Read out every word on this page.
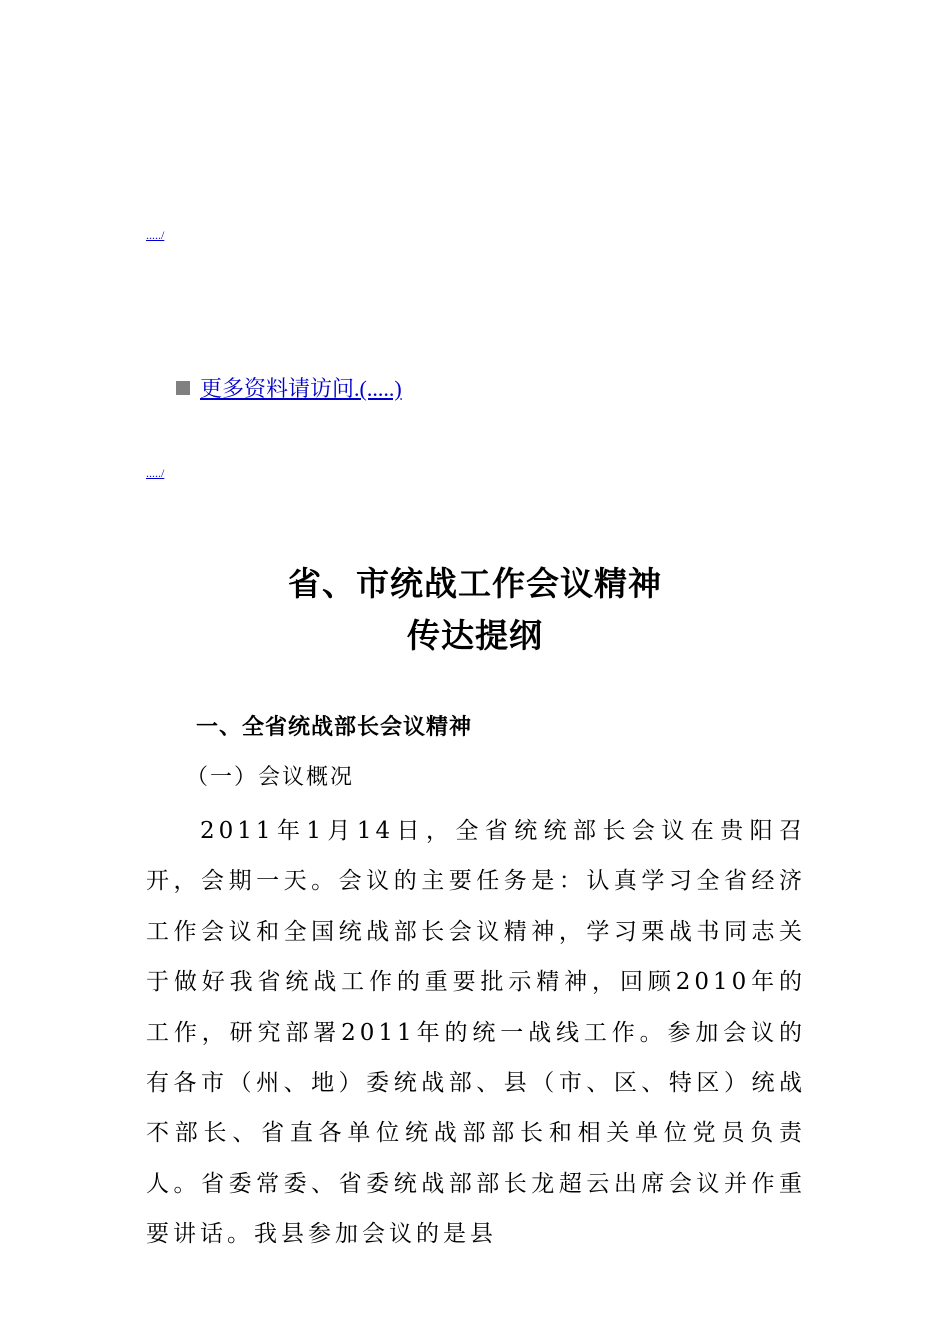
...../
更多资料请访问.(.....)
...../
省、市统战工作会议精神
传达提纲
一、全省统战部长会议精神
（一）会议概况

2011年1月14日，全省统统部长会议在贵阳召开，会期一天。会议的主要任务是：认真学习全省经济工作会议和全国统战部长会议精神，学习栗战书同志关于做好我省统战工作的重要批示精神，回顾2010年的工作，研究部署2011年的统一战线工作。参加会议的有各市（州、地）委统战部、县（市、区、特区）统战不部长、省直各单位统战部部长和相关单位党员负责人。省委常委、省委统战部部长龙超云出席会议并作重要讲话。我县参加会议的是县
